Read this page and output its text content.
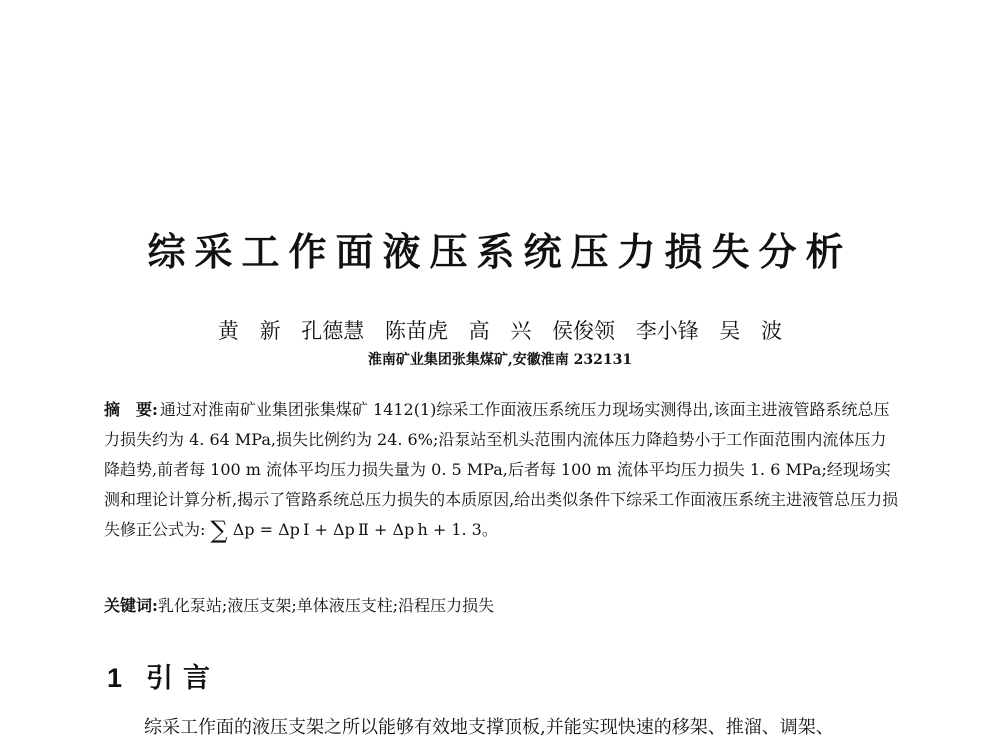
综采工作面液压系统压力损失分析
黄 新 孔德慧 陈苗虎 高 兴 侯俊领 李小锋 吴 波
淮南矿业集团张集煤矿,安徽淮南 232131

摘　要: 通过对淮南矿业集团张集煤矿 1412(1)综采工作面液压系统压力现场实测得出,该面主进液管路系统总压力损失约为 4. 64 MPa,损失比例约为 24. 6%;沿泵站至机头范围内流体压力降趋势小于工作面范围内流体压力降趋势,前者每 100 m 流体平均压力损失量为 0. 5 MPa,后者每 100 m 流体平均压力损失 1. 6 MPa;经现场实测和理论计算分析,揭示了管路系统总压力损失的本质原因,给出类似条件下综采工作面液压系统主进液管总压力损失修正公式为: ∑ Δp = Δp Ⅰ + Δp Ⅱ + Δp h + 1. 3。

关键词:乳化泵站;液压支架;单体液压支柱;沿程压力损失
1 引言
综采工作面的液压支架之所以能够有效地支撑顶板,并能实现快速的移架、推溜、调架、
